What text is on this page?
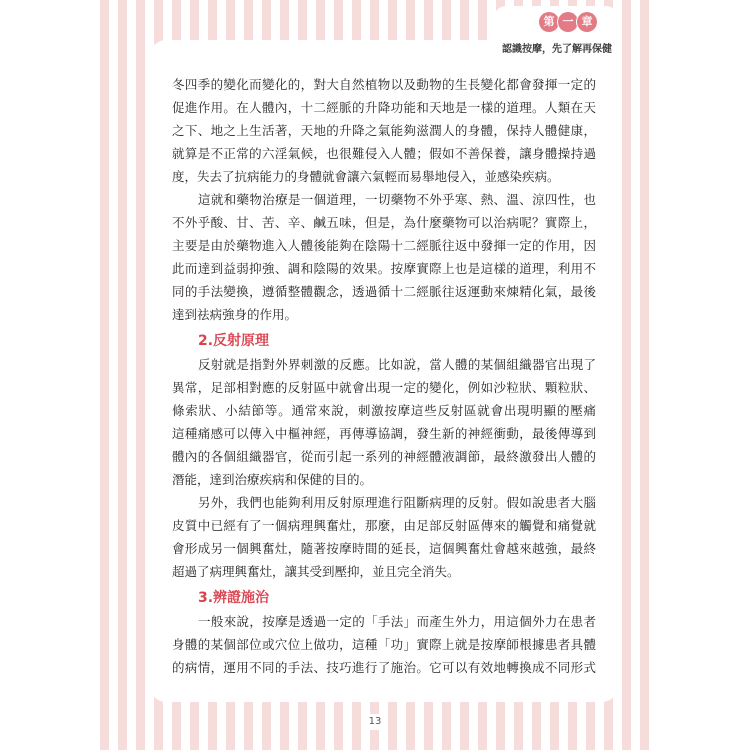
第 一 章
認識按摩，先了解再保健
冬四季的變化而變化的，對大自然植物以及動物的生長變化都會發揮一定的
促進作用。在人體內，十二經脈的升降功能和天地是一樣的道理。人類在天
之下、地之上生活著，天地的升降之氣能夠滋潤人的身體，保持人體健康，
就算是不正常的六淫氣候，也很難侵入人體；假如不善保養，讓身體操持過
度，失去了抗病能力的身體就會讓六氣輕而易舉地侵入，並感染疾病。
這就和藥物治療是一個道理，一切藥物不外乎寒、熱、溫、涼四性，也
不外乎酸、甘、苦、辛、鹹五味，但是，為什麼藥物可以治病呢？實際上，
主要是由於藥物進入人體後能夠在陰陽十二經脈往返中發揮一定的作用，因
此而達到益弱抑強、調和陰陽的效果。按摩實際上也是這樣的道理，利用不
同的手法變換，遵循整體觀念，透過循十二經脈往返運動來煉精化氣，最後
達到祛病強身的作用。
2.反射原理
反射就是指對外界刺激的反應。比如說，當人體的某個組織器官出現了
異常，足部相對應的反射區中就會出現一定的變化，例如沙粒狀、顆粒狀、
條索狀、小結節等。通常來說，刺激按摩這些反射區就會出現明顯的壓痛
這種痛感可以傳入中樞神經，再傳導協調，發生新的神經衝動，最後傳導到
體內的各個組織器官，從而引起一系列的神經體液調節，最終激發出人體的
潛能，達到治療疾病和保健的目的。
另外，我們也能夠利用反射原理進行阻斷病理的反射。假如說患者大腦
皮質中已經有了一個病理興奮灶，那麼，由足部反射區傳來的觸覺和痛覺就
會形成另一個興奮灶，隨著按摩時間的延長，這個興奮灶會越來越強，最終
超過了病理興奮灶，讓其受到壓抑，並且完全消失。
3.辨證施治
一般來說，按摩是透過一定的「手法」而產生外力，用這個外力在患者
身體的某個部位或穴位上做功，這種「功」實際上就是按摩師根據患者具體
的病情，運用不同的手法、技巧進行了施治。它可以有效地轉換成不同形式
13
